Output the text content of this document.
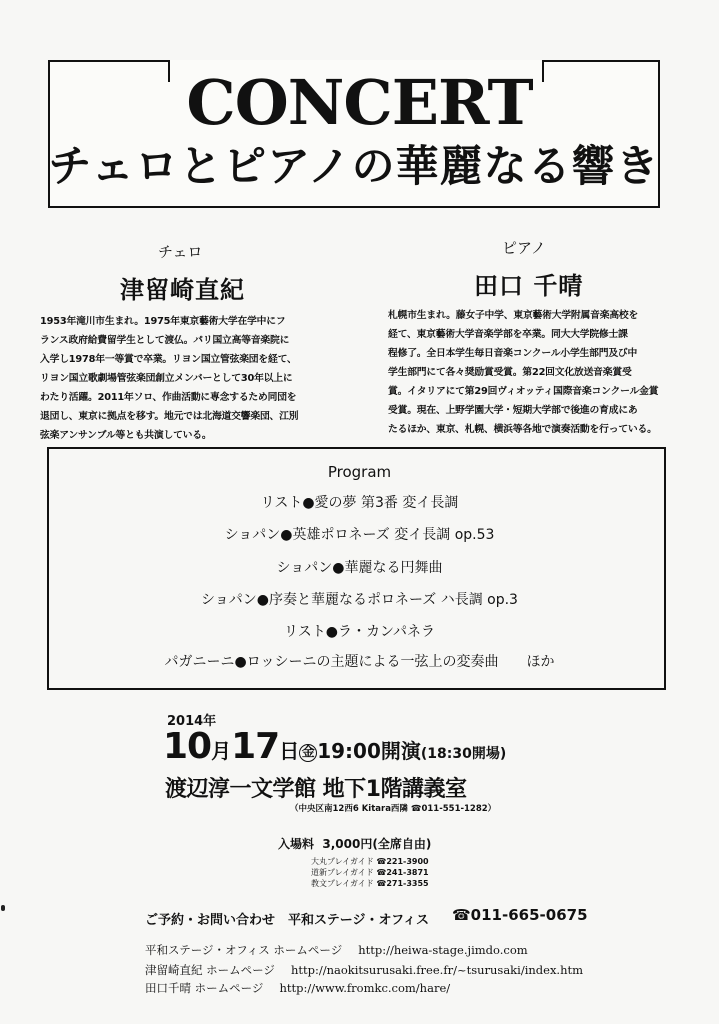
CONCERT
チェロとピアノの華麗なる響き
チェロ
津留崎直紀
1953年滝川市生まれ。1975年東京藝術大学在学中にフ
ランス政府給費留学生として渡仏。パリ国立高等音楽院に
入学し1978年一等賞で卒業。リヨン国立管弦楽団を経て、
リヨン国立歌劇場管弦楽団創立メンバーとして30年以上に
わたり活躍。2011年ソロ、作曲活動に専念するため同団を
退団し、東京に拠点を移す。地元では北海道交響楽団、江別
弦楽アンサンブル等とも共演している。
ピアノ
田口 千晴
札幌市生まれ。藤女子中学、東京藝術大学附属音楽高校を
経て、東京藝術大学音楽学部を卒業。同大大学院修士課
程修了。全日本学生毎日音楽コンクール小学生部門及び中
学生部門にて各々奨励賞受賞。第22回文化放送音楽賞受
賞。イタリアにて第29回ヴィオッティ国際音楽コンクール金賞
受賞。現在、上野学園大学・短期大学部で後進の育成にあ
たるほか、東京、札幌、横浜等各地で演奏活動を行っている。
Program
リスト●愛の夢 第3番 変イ長調
ショパン●英雄ポロネーズ 変イ長調 op.53
ショパン●華麗なる円舞曲
ショパン●序奏と華麗なるポロネーズ ハ長調 op.3
リスト●ラ・カンパネラ
パガニーニ●ロッシーニの主題による一弦上の変奏曲　　ほか
2014年
10月17日 金 19:00開演(18:30開場)
渡辺淳一文学館 地下1階講義室
（中央区南12西6 Kitara西隣 ☎011-551-1282）
入場料 3,000円(全席自由)
大丸プレイガイド ☎221-3900
道新プレイガイド ☎241-3871
教文プレイガイド ☎271-3355
ご予約・お問い合わせ　平和ステージ・オフィス ☎011-665-0675
平和ステージ・オフィス ホームページ http://heiwa-stage.jimdo.com
津留崎直紀 ホームページ http://naokitsurusaki.free.fr/~tsurusaki/index.htm
田口千晴 ホームページ http://www.fromkc.com/hare/
